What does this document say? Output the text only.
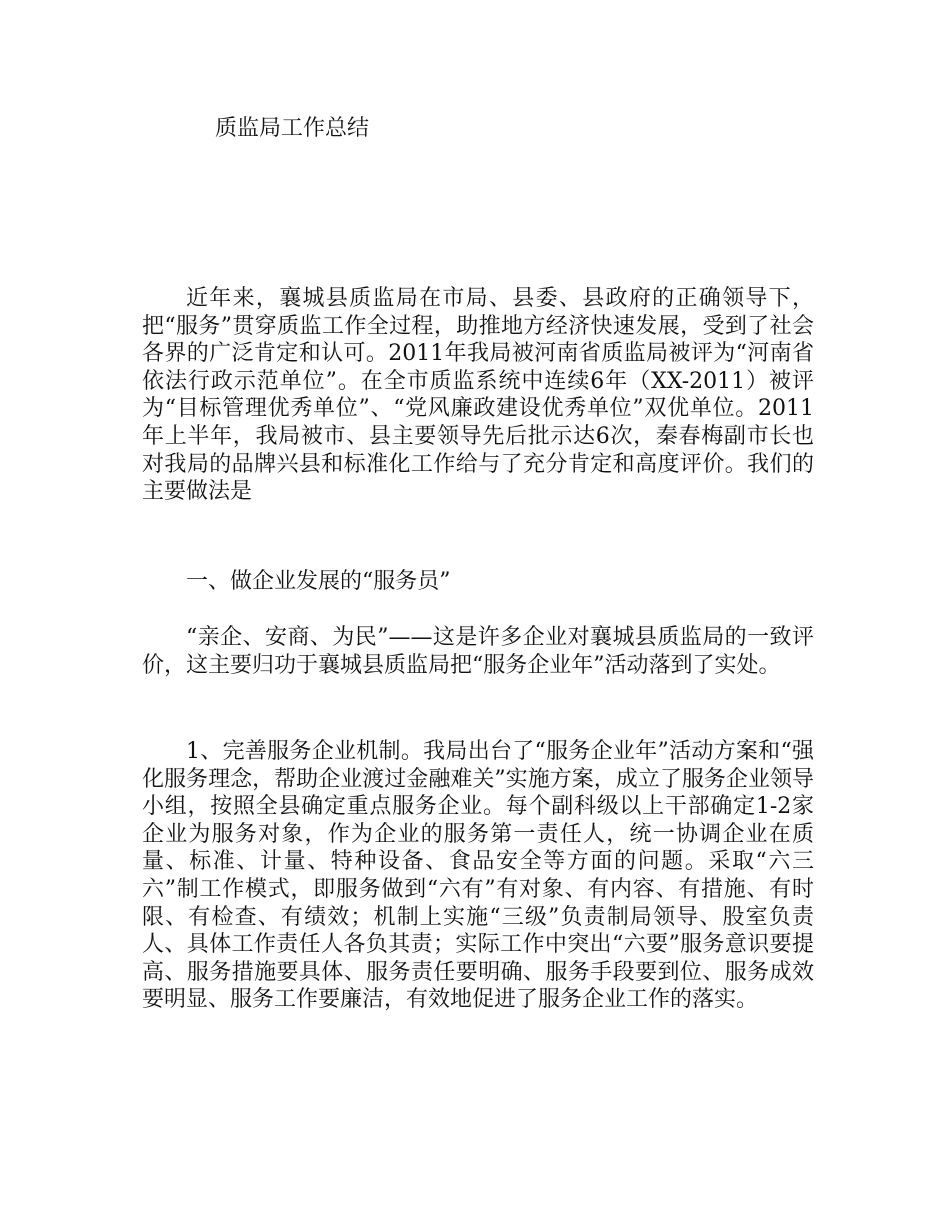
质监局工作总结

近年来，襄城县质监局在市局、县委、县政府的正确领导下， 把“服务”贯穿质监工作全过程，助推地方经济快速发展，受到了社会各界的广泛肯定和认可。2011年我局被河南省质监局被评为“河南省依法行政示范单位”。在全市质监系统中连续6年（XX-2011）被评为“目标管理优秀单位”、“党风廉政建设优秀单位”双优单位。2011年上半年，我局被市、县主要领导先后批示达6次，秦春梅副市长也对我局的品牌兴县和标准化工作给与了充分肯定和高度评价。我们的主要做法是

一、做企业发展的“服务员”

“亲企、安商、为民”——这是许多企业对襄城县质监局的一致评价，这主要归功于襄城县质监局把“服务企业年”活动落到了实处。

1、完善服务企业机制。我局出台了“服务企业年”活动方案和“强化服务理念，帮助企业渡过金融难关”实施方案，成立了服务企业领导小组，按照全县确定重点服务企业。每个副科级以上干部确定1-2家企业为服务对象，作为企业的服务第一责任人，统一协调企业在质量、标准、计量、特种设备、食品安全等方面的问题。采取“六三六”制工作模式，即服务做到“六有”有对象、有内容、有措施、有时限、有检查、有绩效；机制上实施“三级”负责制局领导、股室负责人、具体工作责任人各负其责；实际工作中突出“六要”服务意识要提高、服务措施要具体、服务责任要明确、服务手段要到位、服务成效要明显、服务工作要廉洁，有效地促进了服务企业工作的落实。
